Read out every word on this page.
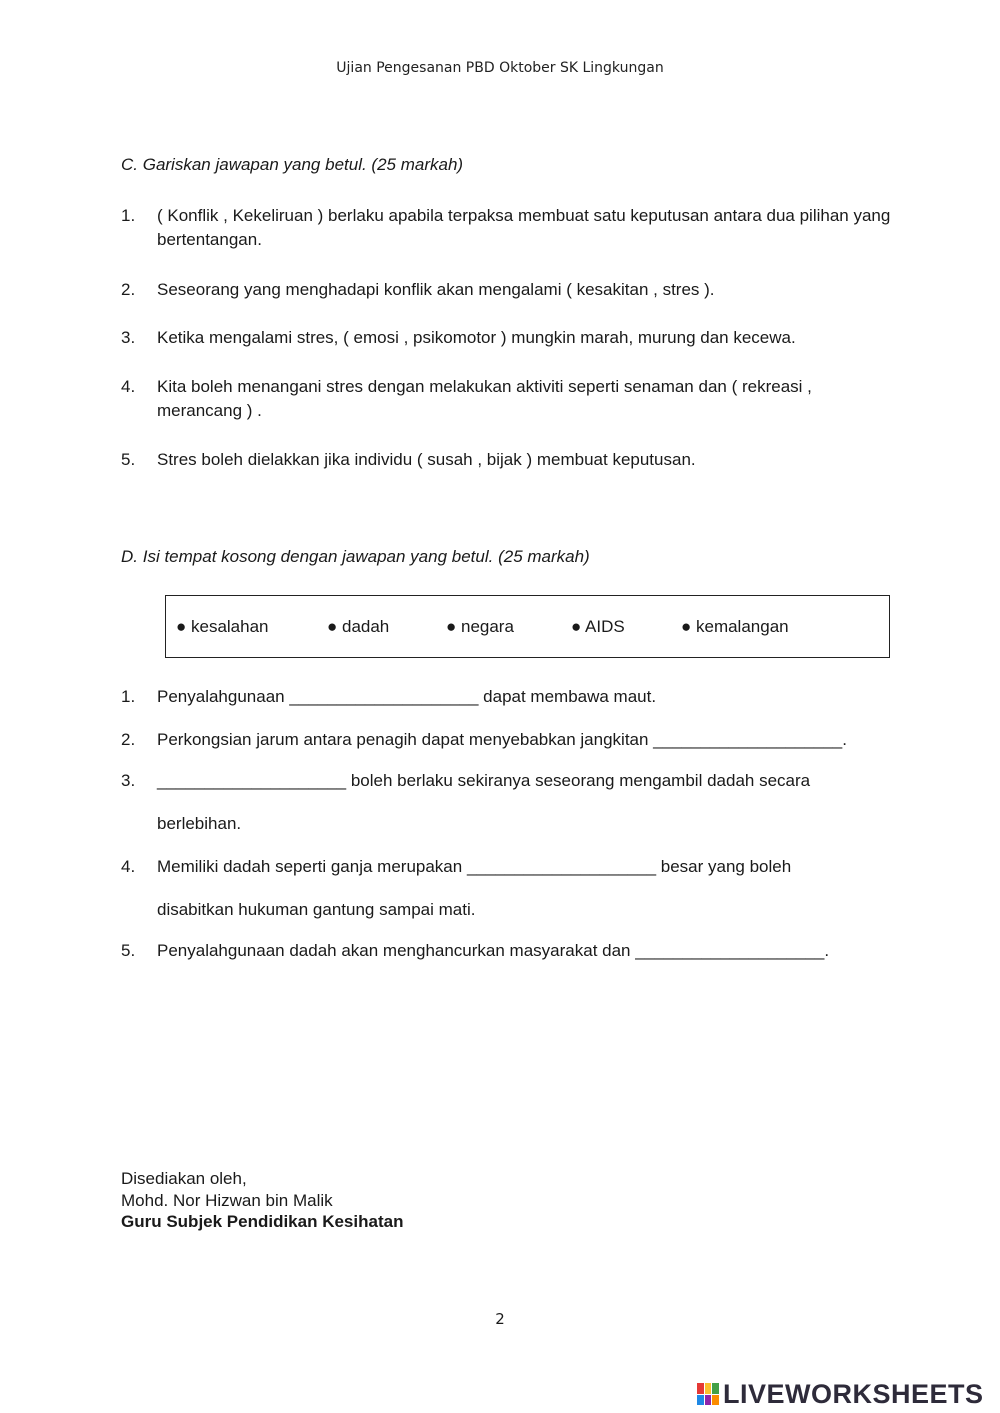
Ujian Pengesanan PBD Oktober SK Lingkungan
C. Gariskan jawapan yang betul. (25 markah)
1. ( Konflik , Kekeliruan ) berlaku apabila terpaksa membuat satu keputusan antara dua pilihan yang bertentangan.
2. Seseorang yang menghadapi konflik akan mengalami ( kesakitan , stres ).
3. Ketika mengalami stres, ( emosi , psikomotor ) mungkin marah, murung dan kecewa.
4. Kita boleh menangani stres dengan melakukan aktiviti seperti senaman dan ( rekreasi , merancang ) .
5. Stres boleh dielakkan jika individu ( susah , bijak ) membuat keputusan.
D. Isi tempat kosong dengan jawapan yang betul. (25 markah)
● kesalahan	● dadah	● negara	● AIDS	● kemalangan
1. Penyalahgunaan ____________________ dapat membawa maut.
2. Perkongsian jarum antara penagih dapat menyebabkan jangkitan ____________________.
3. ____________________ boleh berlaku sekiranya seseorang mengambil dadah secara
berlebihan.
4. Memiliki dadah seperti ganja merupakan ____________________ besar yang boleh
disabitkan hukuman gantung sampai mati.
5. Penyalahgunaan dadah akan menghancurkan masyarakat dan ____________________.
Disediakan oleh,
Mohd. Nor Hizwan bin Malik
Guru Subjek Pendidikan Kesihatan
2
LIVEWORKSHEETS
